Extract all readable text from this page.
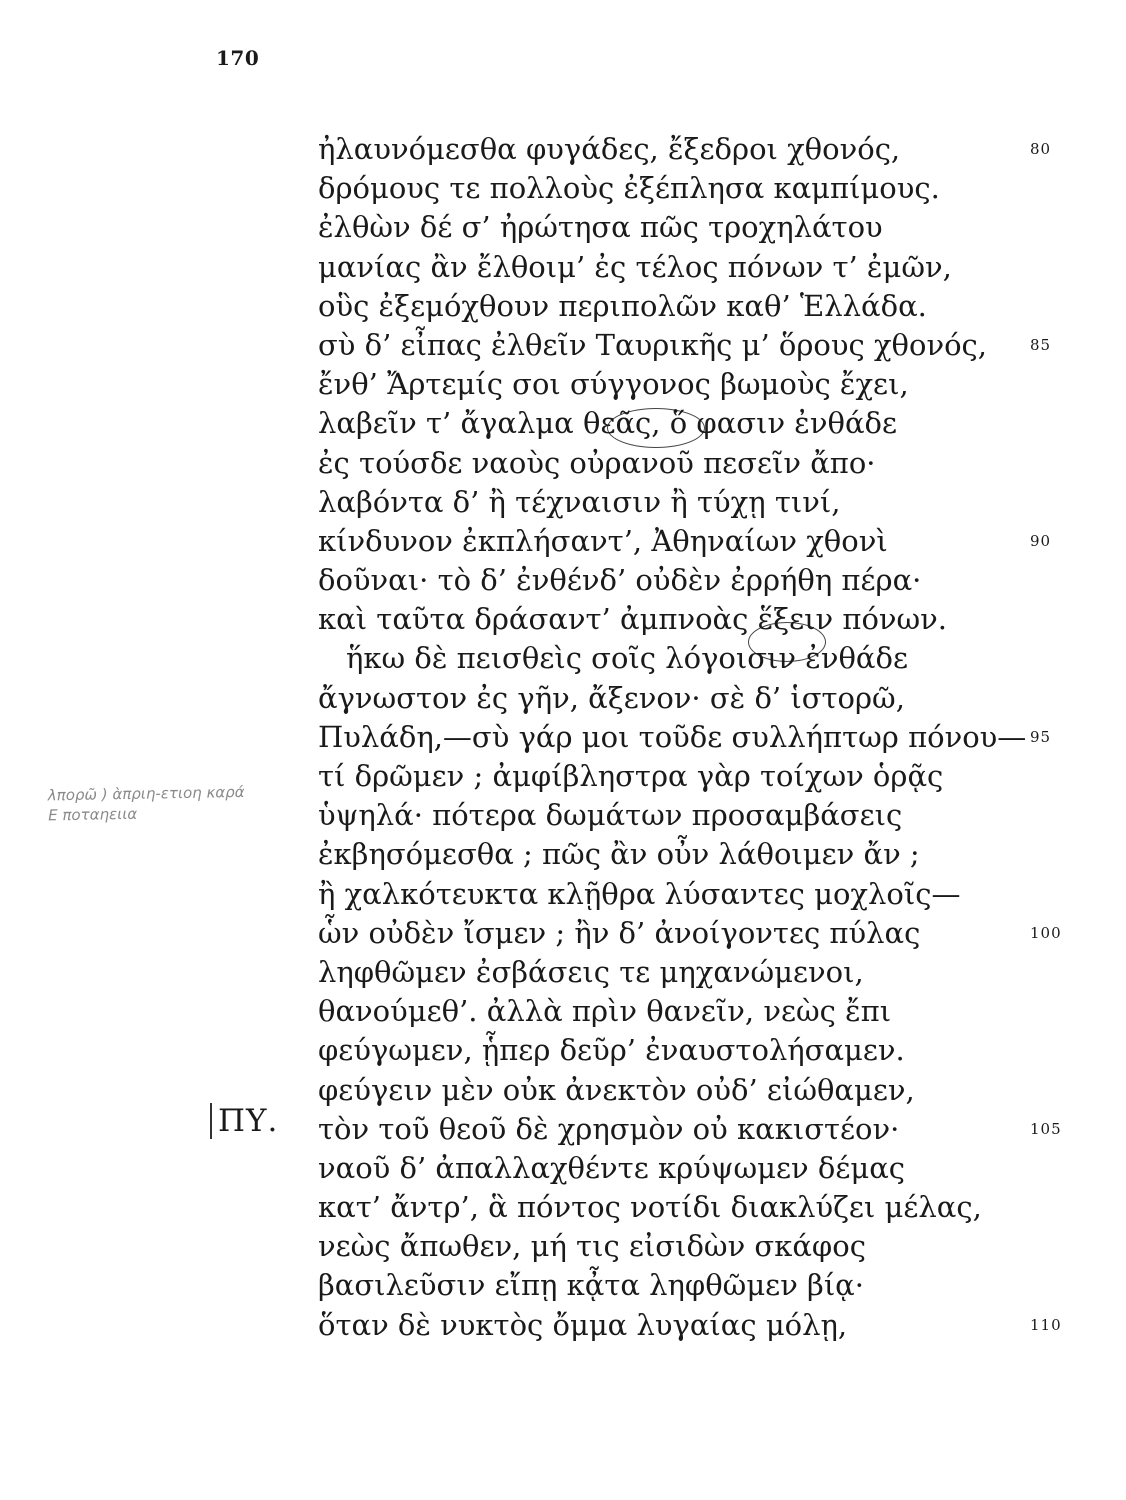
170
λπορῶ ) ὰπριη-ετιοη καρά
Ε ποταηειια
ΠΥ.
ἠλαυνόμεσθα φυγάδες, ἔξεδροι χθονός,	80
δρόμους τε πολλοὺς ἐξέπλησα καμπίμους.
ἐλθὼν δέ σ’ ἠρώτησα πῶς τροχηλάτου
μανίας ἂν ἔλθοιμ’ ἐς τέλος πόνων τ’ ἐμῶν,
οὓς ἐξεμόχθουν περιπολῶν καθ’ Ἑλλάδα.
σὺ δ’ εἶπας ἐλθεῖν Ταυρικῆς μ’ ὅρους χθονός,	85
ἔνθ’ Ἄρτεμίς σοι σύγγονος βωμοὺς ἔχει,
λαβεῖν τ’ ἄγαλμα θεᾶς, ὅ φασιν ἐνθάδε
ἐς τούσδε ναοὺς οὐρανοῦ πεσεῖν ἄπο·
λαβόντα δ’ ἢ τέχναισιν ἢ τύχῃ τινί,
κίνδυνον ἐκπλήσαντ’, Ἀθηναίων χθονὶ	90
δοῦναι· τὸ δ’ ἐνθένδ’ οὐδὲν ἐρρήθη πέρα·
καὶ ταῦτα δράσαντ’ ἀμπνοὰς ἕξειν πόνων.
ἥκω δὲ πεισθεὶς σοῖς λόγοισιν ἐνθάδε
ἄγνωστον ἐς γῆν, ἄξενον· σὲ δ’ ἱστορῶ,
Πυλάδη,—σὺ γάρ μοι τοῦδε συλλήπτωρ πόνου— 95
τί δρῶμεν ; ἀμφίβληστρα γὰρ τοίχων ὁρᾷς
ὑψηλά· πότερα δωμάτων προσαμβάσεις
ἐκβησόμεσθα ; πῶς ἂν οὖν λάθοιμεν ἄν ;
ἢ χαλκότευκτα κλῇθρα λύσαντες μοχλοῖς—
ὧν οὐδὲν ἴσμεν ; ἢν δ’ ἀνοίγοντες πύλας	100
ληφθῶμεν ἐσβάσεις τε μηχανώμενοι,
θανούμεθ’. ἀλλὰ πρὶν θανεῖν, νεὼς ἔπι
φεύγωμεν, ᾗπερ δεῦρ’ ἐναυστολήσαμεν.
φεύγειν μὲν οὐκ ἀνεκτὸν οὐδ’ εἰώθαμεν,
τὸν τοῦ θεοῦ δὲ χρησμὸν οὐ κακιστέον·	105
ναοῦ δ’ ἀπαλλαχθέντε κρύψωμεν δέμας
κατ’ ἄντρ’, ἃ πόντος νοτίδι διακλύζει μέλας,
νεὼς ἄπωθεν, μή τις εἰσιδὼν σκάφος
βασιλεῦσιν εἴπῃ κᾆτα ληφθῶμεν βίᾳ·
ὅταν δὲ νυκτὸς ὄμμα λυγαίας μόλῃ,	110
